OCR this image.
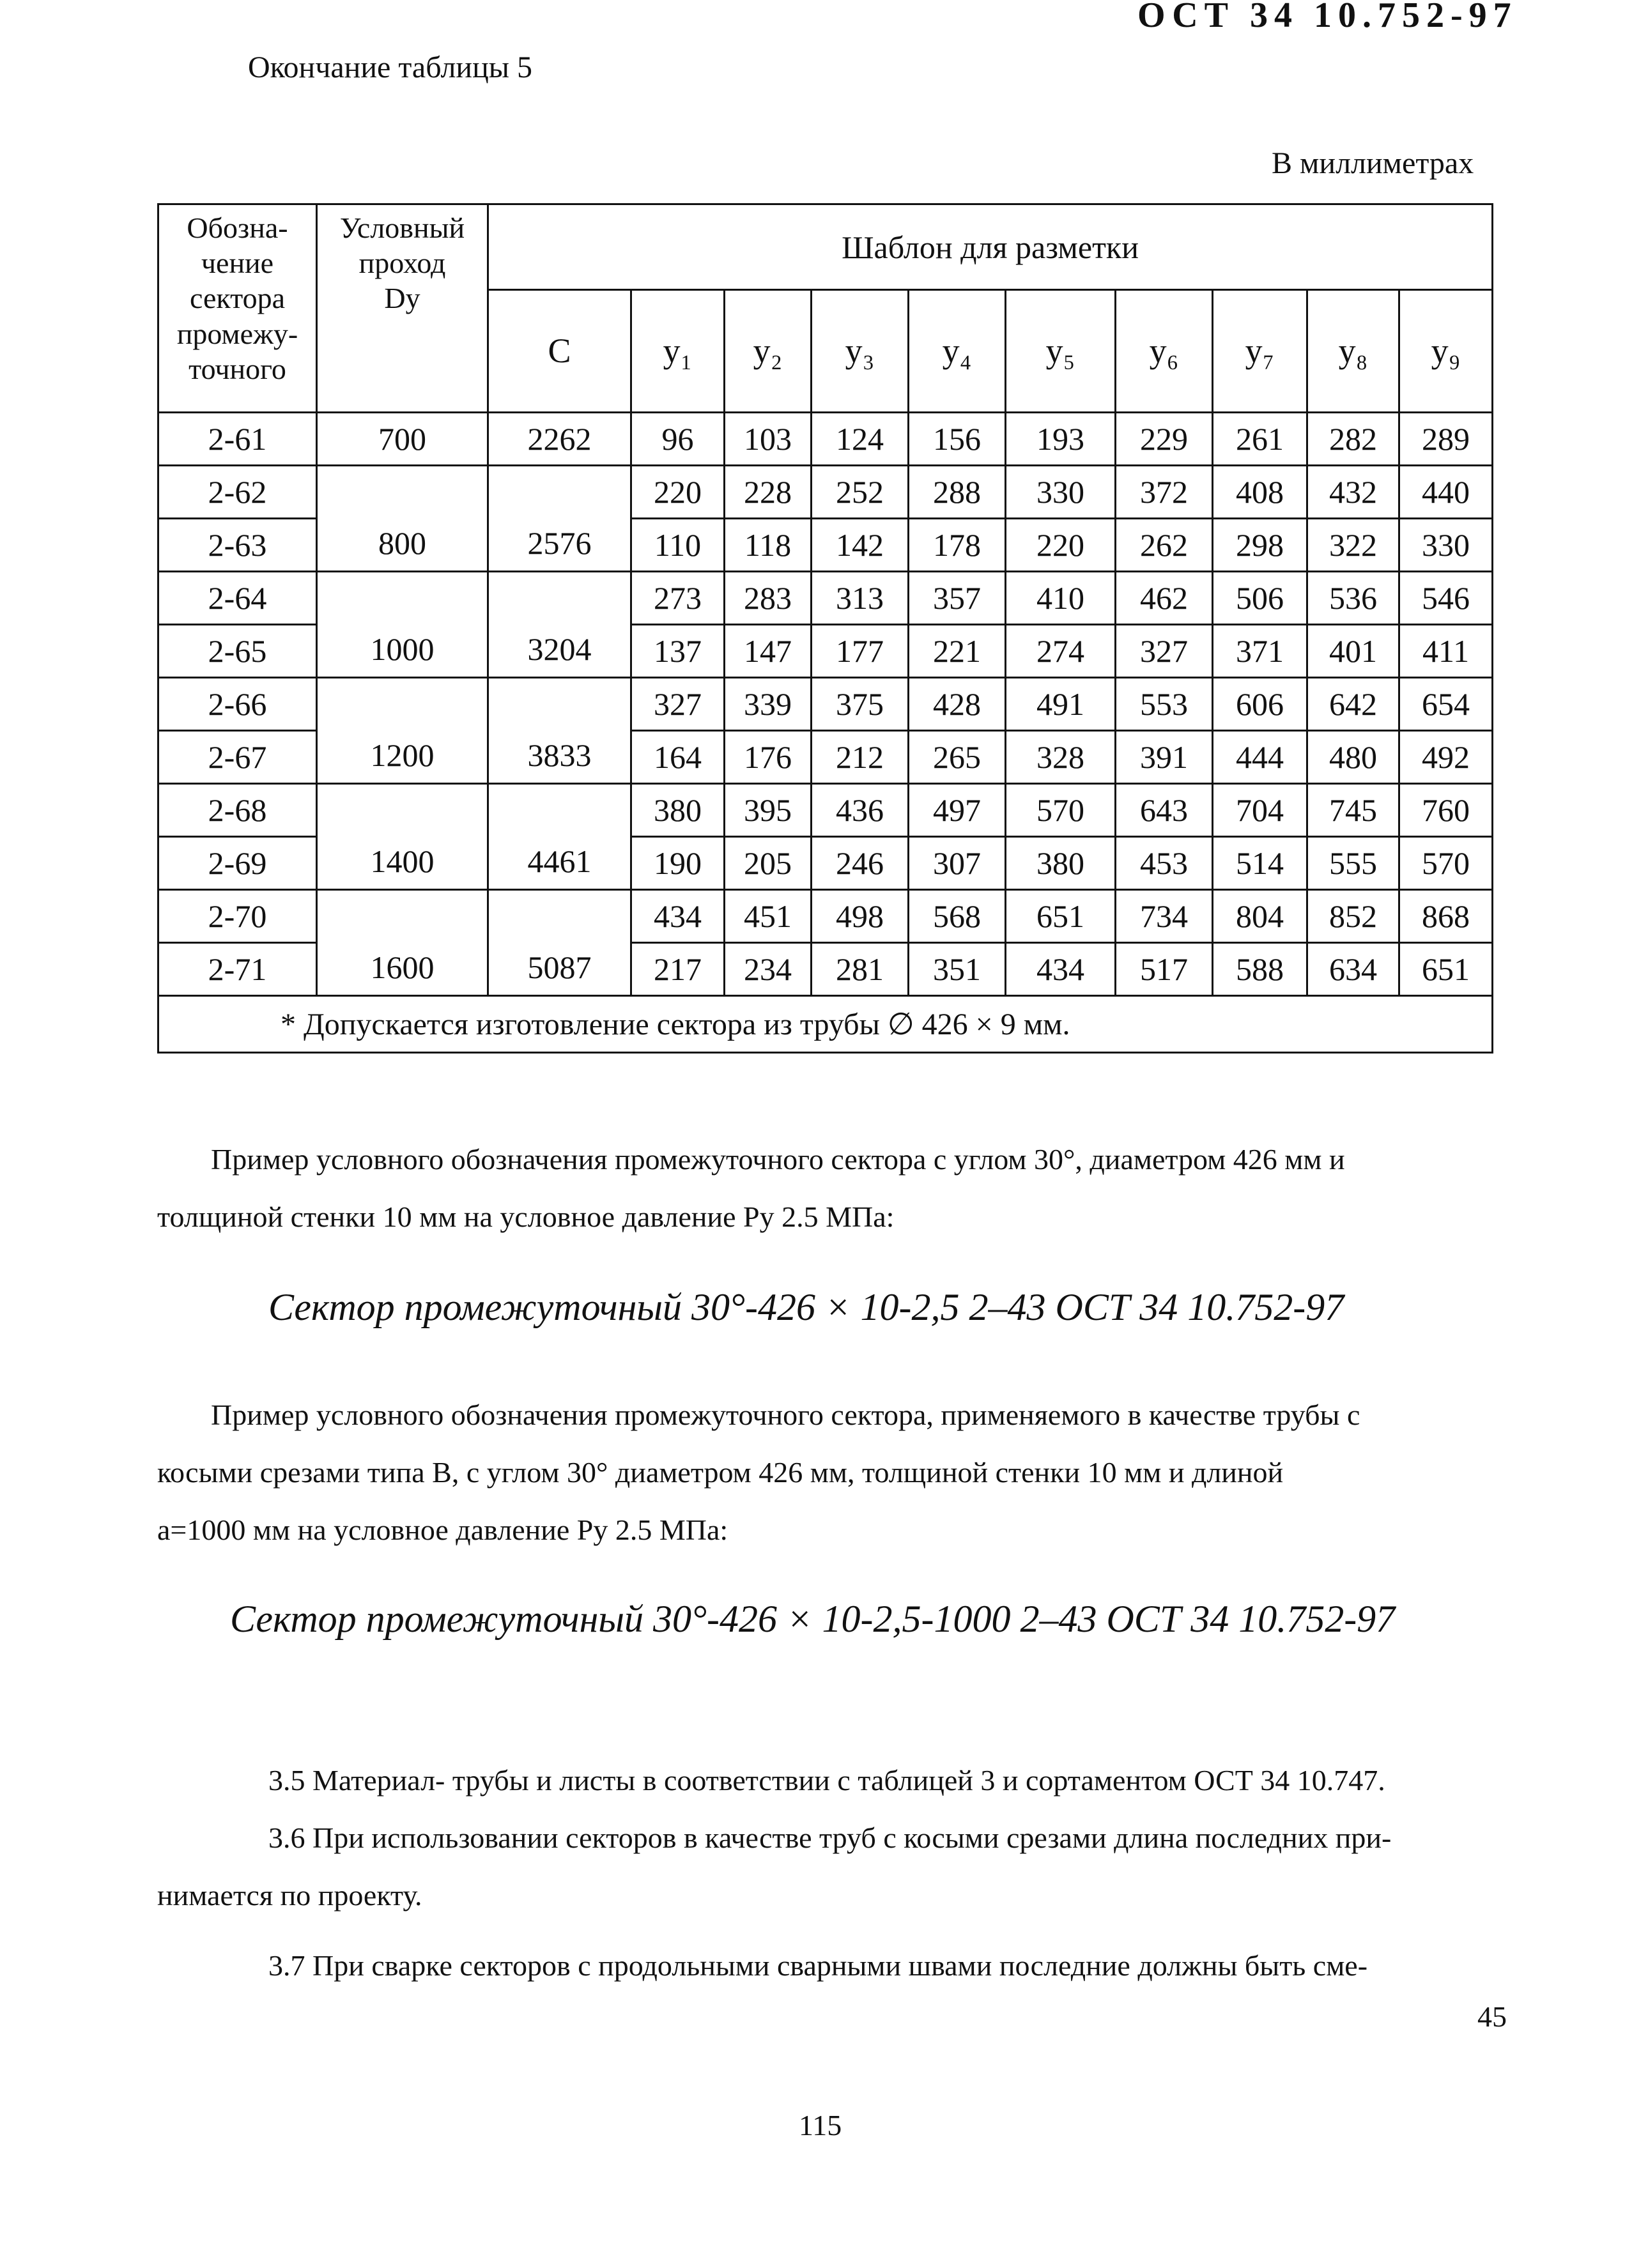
ОСТ 34 10.752-97
Окончание таблицы 5
В миллиметрах
Обозна-
чение
сектора
промежу-
точного	Условный
проход
Dу	Шаблон для разметки									
		С	у₁	у₂	у₃	у₄	у₅	у₆	у₇	у₈	у₉
2-61	700	2262	96	103	124	156	193	229	261	282	289
2-62	800	2576	220	228	252	288	330	372	408	432	440
2-63			110	118	142	178	220	262	298	322	330
2-64	1000	3204	273	283	313	357	410	462	506	536	546
2-65			137	147	177	221	274	327	371	401	411
2-66	1200	3833	327	339	375	428	491	553	606	642	654
2-67			164	176	212	265	328	391	444	480	492
2-68	1400	4461	380	395	436	497	570	643	704	745	760
2-69			190	205	246	307	380	453	514	555	570
2-70	1600	5087	434	451	498	568	651	734	804	852	868
2-71			217	234	281	351	434	517	588	634	651
* Допускается изготовление сектора из трубы ∅ 426 × 9 мм.											
Пример условного обозначения промежуточного сектора с углом 30°, диаметром 426 мм и
толщиной стенки 10 мм на условное давление Ру 2.5 МПа:
Сектор промежуточный 30°-426 × 10-2,5 2–43 ОСТ 34 10.752-97
Пример условного обозначения промежуточного сектора, применяемого в качестве трубы с
косыми срезами типа В, с углом 30° диаметром 426 мм, толщиной стенки 10 мм и длиной
а=1000 мм на условное давление Ру 2.5 МПа:
Сектор промежуточный 30°-426 × 10-2,5-1000 2–43 ОСТ 34 10.752-97
3.5 Материал- трубы и листы в соответствии с таблицей 3 и сортаментом ОСТ 34 10.747.
3.6 При использовании секторов в качестве труб с косыми срезами длина последних при-
нимается по проекту.
3.7 При сварке секторов с продольными сварными швами последние должны быть сме-
45
115
